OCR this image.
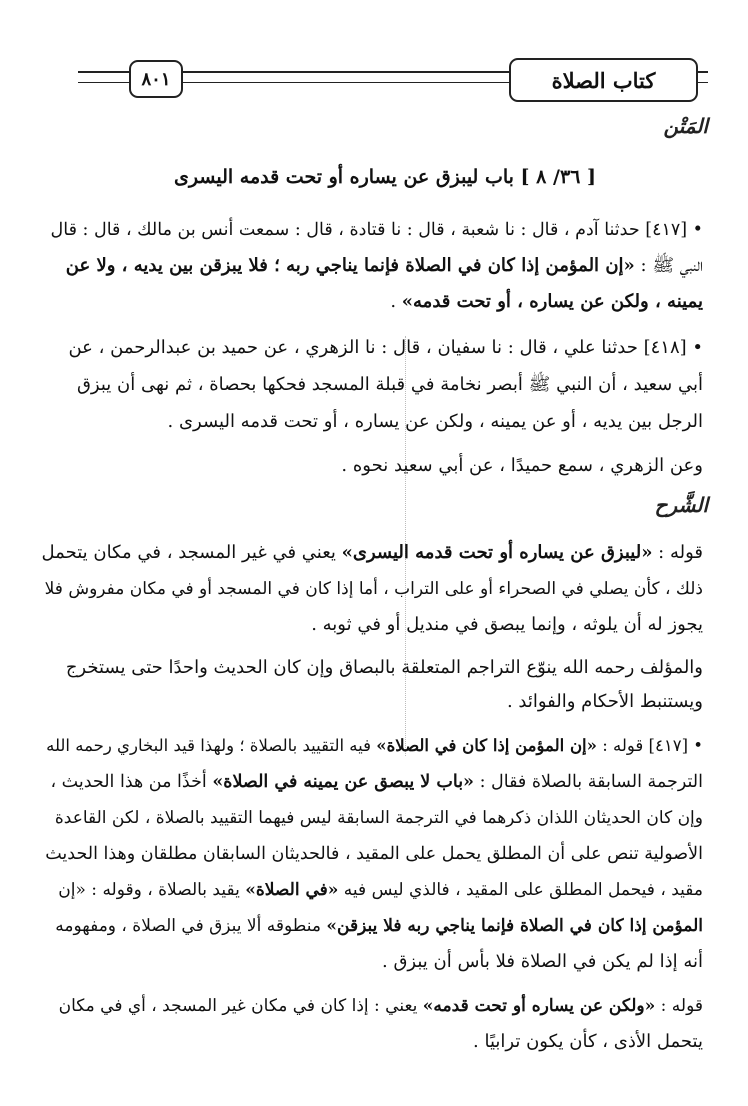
٨٠١	كتاب الصلاة
المَتْن
[ ٣٦/ ٨ ] باب ليبزق عن يساره أو تحت قدمه اليسرى
• [٤١٧] حدثنا آدم ، قال : نا شعبة ، قال : نا قتادة ، قال : سمعت أنس بن مالك ، قال : قال
النبي ﷺ : «إن المؤمن إذا كان في الصلاة فإنما يناجي ربه ؛ فلا يبزقن بين يديه ، ولا عن
يمينه ، ولكن عن يساره ، أو تحت قدمه» .
• [٤١٨] حدثنا علي ، قال : نا سفيان ، قال : نا الزهري ، عن حميد بن عبدالرحمن ، عن
أبي سعيد ، أن النبي ﷺ أبصر نخامة في قبلة المسجد فحكها بحصاة ، ثم نهى أن يبزق
الرجل بين يديه ، أو عن يمينه ، ولكن عن يساره ، أو تحت قدمه اليسرى .
وعن الزهري ، سمع حميدًا ، عن أبي سعيد نحوه .
الشَّرح
قوله : «ليبزق عن يساره أو تحت قدمه اليسرى» يعني في غير المسجد ، في مكان يتحمل
ذلك ، كأن يصلي في الصحراء أو على التراب ، أما إذا كان في المسجد أو في مكان مفروش فلا
يجوز له أن يلوثه ، وإنما يبصق في منديل أو في ثوبه .
والمؤلف رحمه الله ينوّع التراجم المتعلقة بالبصاق وإن كان الحديث واحدًا حتى يستخرج
ويستنبط الأحكام والفوائد .
• [٤١٧] قوله : «إن المؤمن إذا كان في الصلاة» فيه التقييد بالصلاة ؛ ولهذا قيد البخاري رحمه الله
الترجمة السابقة بالصلاة فقال : «باب لا يبصق عن يمينه في الصلاة» أخذًا من هذا الحديث ،
وإن كان الحديثان اللذان ذكرهما في الترجمة السابقة ليس فيهما التقييد بالصلاة ، لكن القاعدة
الأصولية تنص على أن المطلق يحمل على المقيد ، فالحديثان السابقان مطلقان وهذا الحديث
مقيد ، فيحمل المطلق على المقيد ، فالذي ليس فيه «في الصلاة» يقيد بالصلاة ، وقوله : «إن
المؤمن إذا كان في الصلاة فإنما يناجي ربه فلا يبزقن» منطوقه ألا يبزق في الصلاة ، ومفهومه
أنه إذا لم يكن في الصلاة فلا بأس أن يبزق .
قوله : «ولكن عن يساره أو تحت قدمه» يعني : إذا كان في مكان غير المسجد ، أي في مكان
يتحمل الأذى ، كأن يكون ترابيًا .
